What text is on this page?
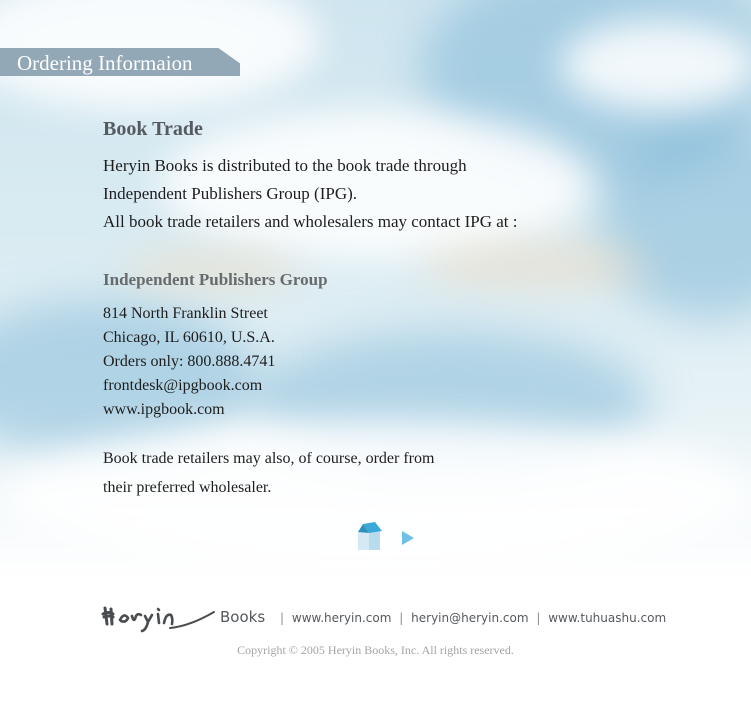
Ordering Informaion
Book Trade
Heryin Books is distributed to the book trade through
Independent Publishers Group (IPG).
All book trade retailers and wholesalers may contact IPG at :
Independent Publishers Group
814 North Franklin Street
Chicago, IL 60610, U.S.A.
Orders only: 800.888.4741
frontdesk@ipgbook.com
www.ipgbook.com
Book trade retailers may also, of course, order from
their preferred wholesaler.
Books	| www.heryin.com | heryin@heryin.com | www.tuhuashu.com
Copyright © 2005 Heryin Books, Inc. All rights reserved.
